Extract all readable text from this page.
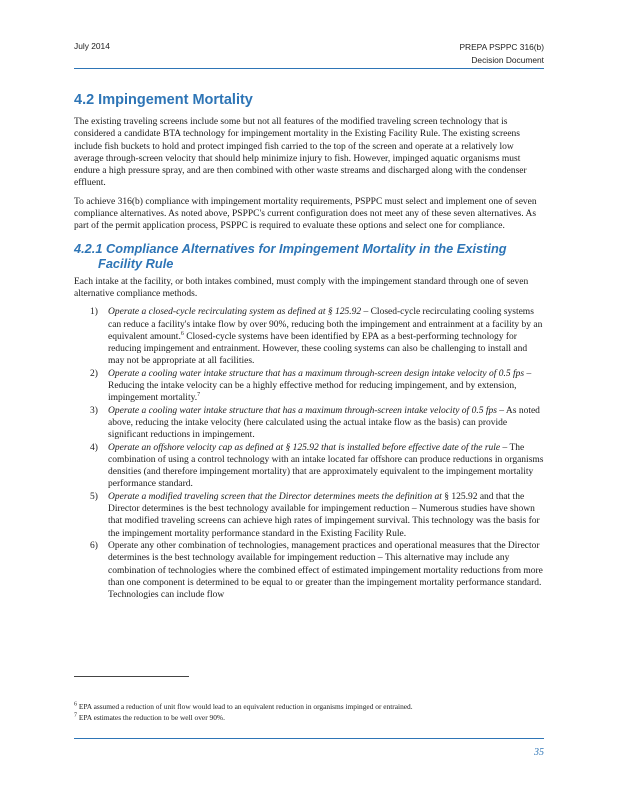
July 2014	PREPA PSPPC 316(b)
Decision Document
4.2 Impingement Mortality

The existing traveling screens include some but not all features of the modified traveling screen technology that is considered a candidate BTA technology for impingement mortality in the Existing Facility Rule. The existing screens include fish buckets to hold and protect impinged fish carried to the top of the screen and operate at a relatively low average through-screen velocity that should help minimize injury to fish. However, impinged aquatic organisms must endure a high pressure spray, and are then combined with other waste streams and discharged along with the condenser effluent.

To achieve 316(b) compliance with impingement mortality requirements, PSPPC must select and implement one of seven compliance alternatives. As noted above, PSPPC's current configuration does not meet any of these seven alternatives. As part of the permit application process, PSPPC is required to evaluate these options and select one for compliance.

4.2.1 Compliance Alternatives for Impingement Mortality in the Existing Facility Rule

Each intake at the facility, or both intakes combined, must comply with the impingement standard through one of seven alternative compliance methods.

1) Operate a closed-cycle recirculating system as defined at § 125.92 – Closed-cycle recirculating cooling systems can reduce a facility's intake flow by over 90%, reducing both the impingement and entrainment at a facility by an equivalent amount.$^6$ Closed-cycle systems have been identified by EPA as a best-performing technology for reducing impingement and entrainment. However, these cooling systems can also be challenging to install and may not be appropriate at all facilities.
2) Operate a cooling water intake structure that has a maximum through-screen design intake velocity of 0.5 fps – Reducing the intake velocity can be a highly effective method for reducing impingement, and by extension, impingement mortality.$^7$
3) Operate a cooling water intake structure that has a maximum through-screen intake velocity of 0.5 fps – As noted above, reducing the intake velocity (here calculated using the actual intake flow as the basis) can provide significant reductions in impingement.
4) Operate an offshore velocity cap as defined at § 125.92 that is installed before effective date of the rule – The combination of using a control technology with an intake located far offshore can produce reductions in organisms densities (and therefore impingement mortality) that are approximately equivalent to the impingement mortality performance standard.
5) Operate a modified traveling screen that the Director determines meets the definition at § 125.92 and that the Director determines is the best technology available for impingement reduction – Numerous studies have shown that modified traveling screens can achieve high rates of impingement survival. This technology was the basis for the impingement mortality performance standard in the Existing Facility Rule.
6) Operate any other combination of technologies, management practices and operational measures that the Director determines is the best technology available for impingement reduction – This alternative may include any combination of technologies where the combined effect of estimated impingement mortality reductions from more than one component is determined to be equal to or greater than the impingement mortality performance standard. Technologies can include flow

$^6$ EPA assumed a reduction of unit flow would lead to an equivalent reduction in organisms impinged or entrained.

$^7$ EPA estimates the reduction to be well over 90%.

35
